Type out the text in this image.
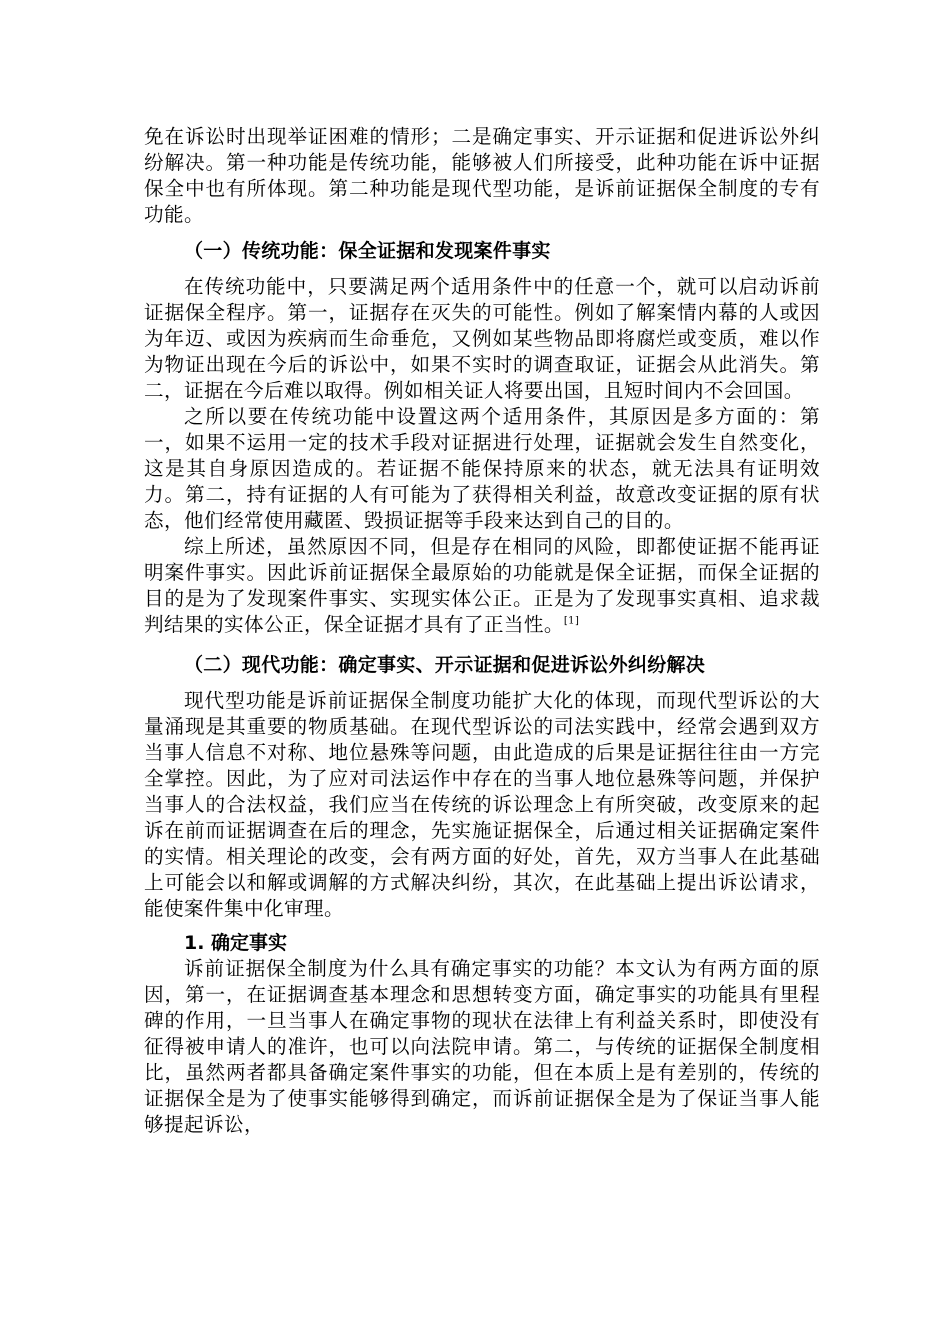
免在诉讼时出现举证困难的情形；二是确定事实、开示证据和促进诉讼外纠纷解决。第一种功能是传统功能，能够被人们所接受，此种功能在诉中证据保全中也有所体现。第二种功能是现代型功能，是诉前证据保全制度的专有功能。

（一）传统功能：保全证据和发现案件事实

在传统功能中，只要满足两个适用条件中的任意一个，就可以启动诉前证据保全程序。第一，证据存在灭失的可能性。例如了解案情内幕的人或因为年迈、或因为疾病而生命垂危，又例如某些物品即将腐烂或变质，难以作为物证出现在今后的诉讼中，如果不实时的调查取证，证据会从此消失。第二，证据在今后难以取得。例如相关证人将要出国，且短时间内不会回国。

之所以要在传统功能中设置这两个适用条件，其原因是多方面的：第一，如果不运用一定的技术手段对证据进行处理，证据就会发生自然变化，这是其自身原因造成的。若证据不能保持原来的状态，就无法具有证明效力。第二，持有证据的人有可能为了获得相关利益，故意改变证据的原有状态，他们经常使用藏匿、毁损证据等手段来达到自己的目的。

综上所述，虽然原因不同，但是存在相同的风险，即都使证据不能再证明案件事实。因此诉前证据保全最原始的功能就是保全证据，而保全证据的目的是为了发现案件事实、实现实体公正。正是为了发现事实真相、追求裁判结果的实体公正，保全证据才具有了正当性。[1]

（二）现代功能：确定事实、开示证据和促进诉讼外纠纷解决

现代型功能是诉前证据保全制度功能扩大化的体现，而现代型诉讼的大量涌现是其重要的物质基础。在现代型诉讼的司法实践中，经常会遇到双方当事人信息不对称、地位悬殊等问题，由此造成的后果是证据往往由一方完全掌控。因此，为了应对司法运作中存在的当事人地位悬殊等问题，并保护当事人的合法权益，我们应当在传统的诉讼理念上有所突破，改变原来的起诉在前而证据调查在后的理念，先实施证据保全，后通过相关证据确定案件的实情。相关理论的改变，会有两方面的好处，首先，双方当事人在此基础上可能会以和解或调解的方式解决纠纷，其次，在此基础上提出诉讼请求，能使案件集中化审理。

1. 确定事实

诉前证据保全制度为什么具有确定事实的功能？本文认为有两方面的原因，第一，在证据调查基本理念和思想转变方面，确定事实的功能具有里程碑的作用，一旦当事人在确定事物的现状在法律上有利益关系时，即使没有征得被申请人的准许，也可以向法院申请。第二，与传统的证据保全制度相比，虽然两者都具备确定案件事实的功能，但在本质上是有差别的，传统的证据保全是为了使事实能够得到确定，而诉前证据保全是为了保证当事人能够提起诉讼，
